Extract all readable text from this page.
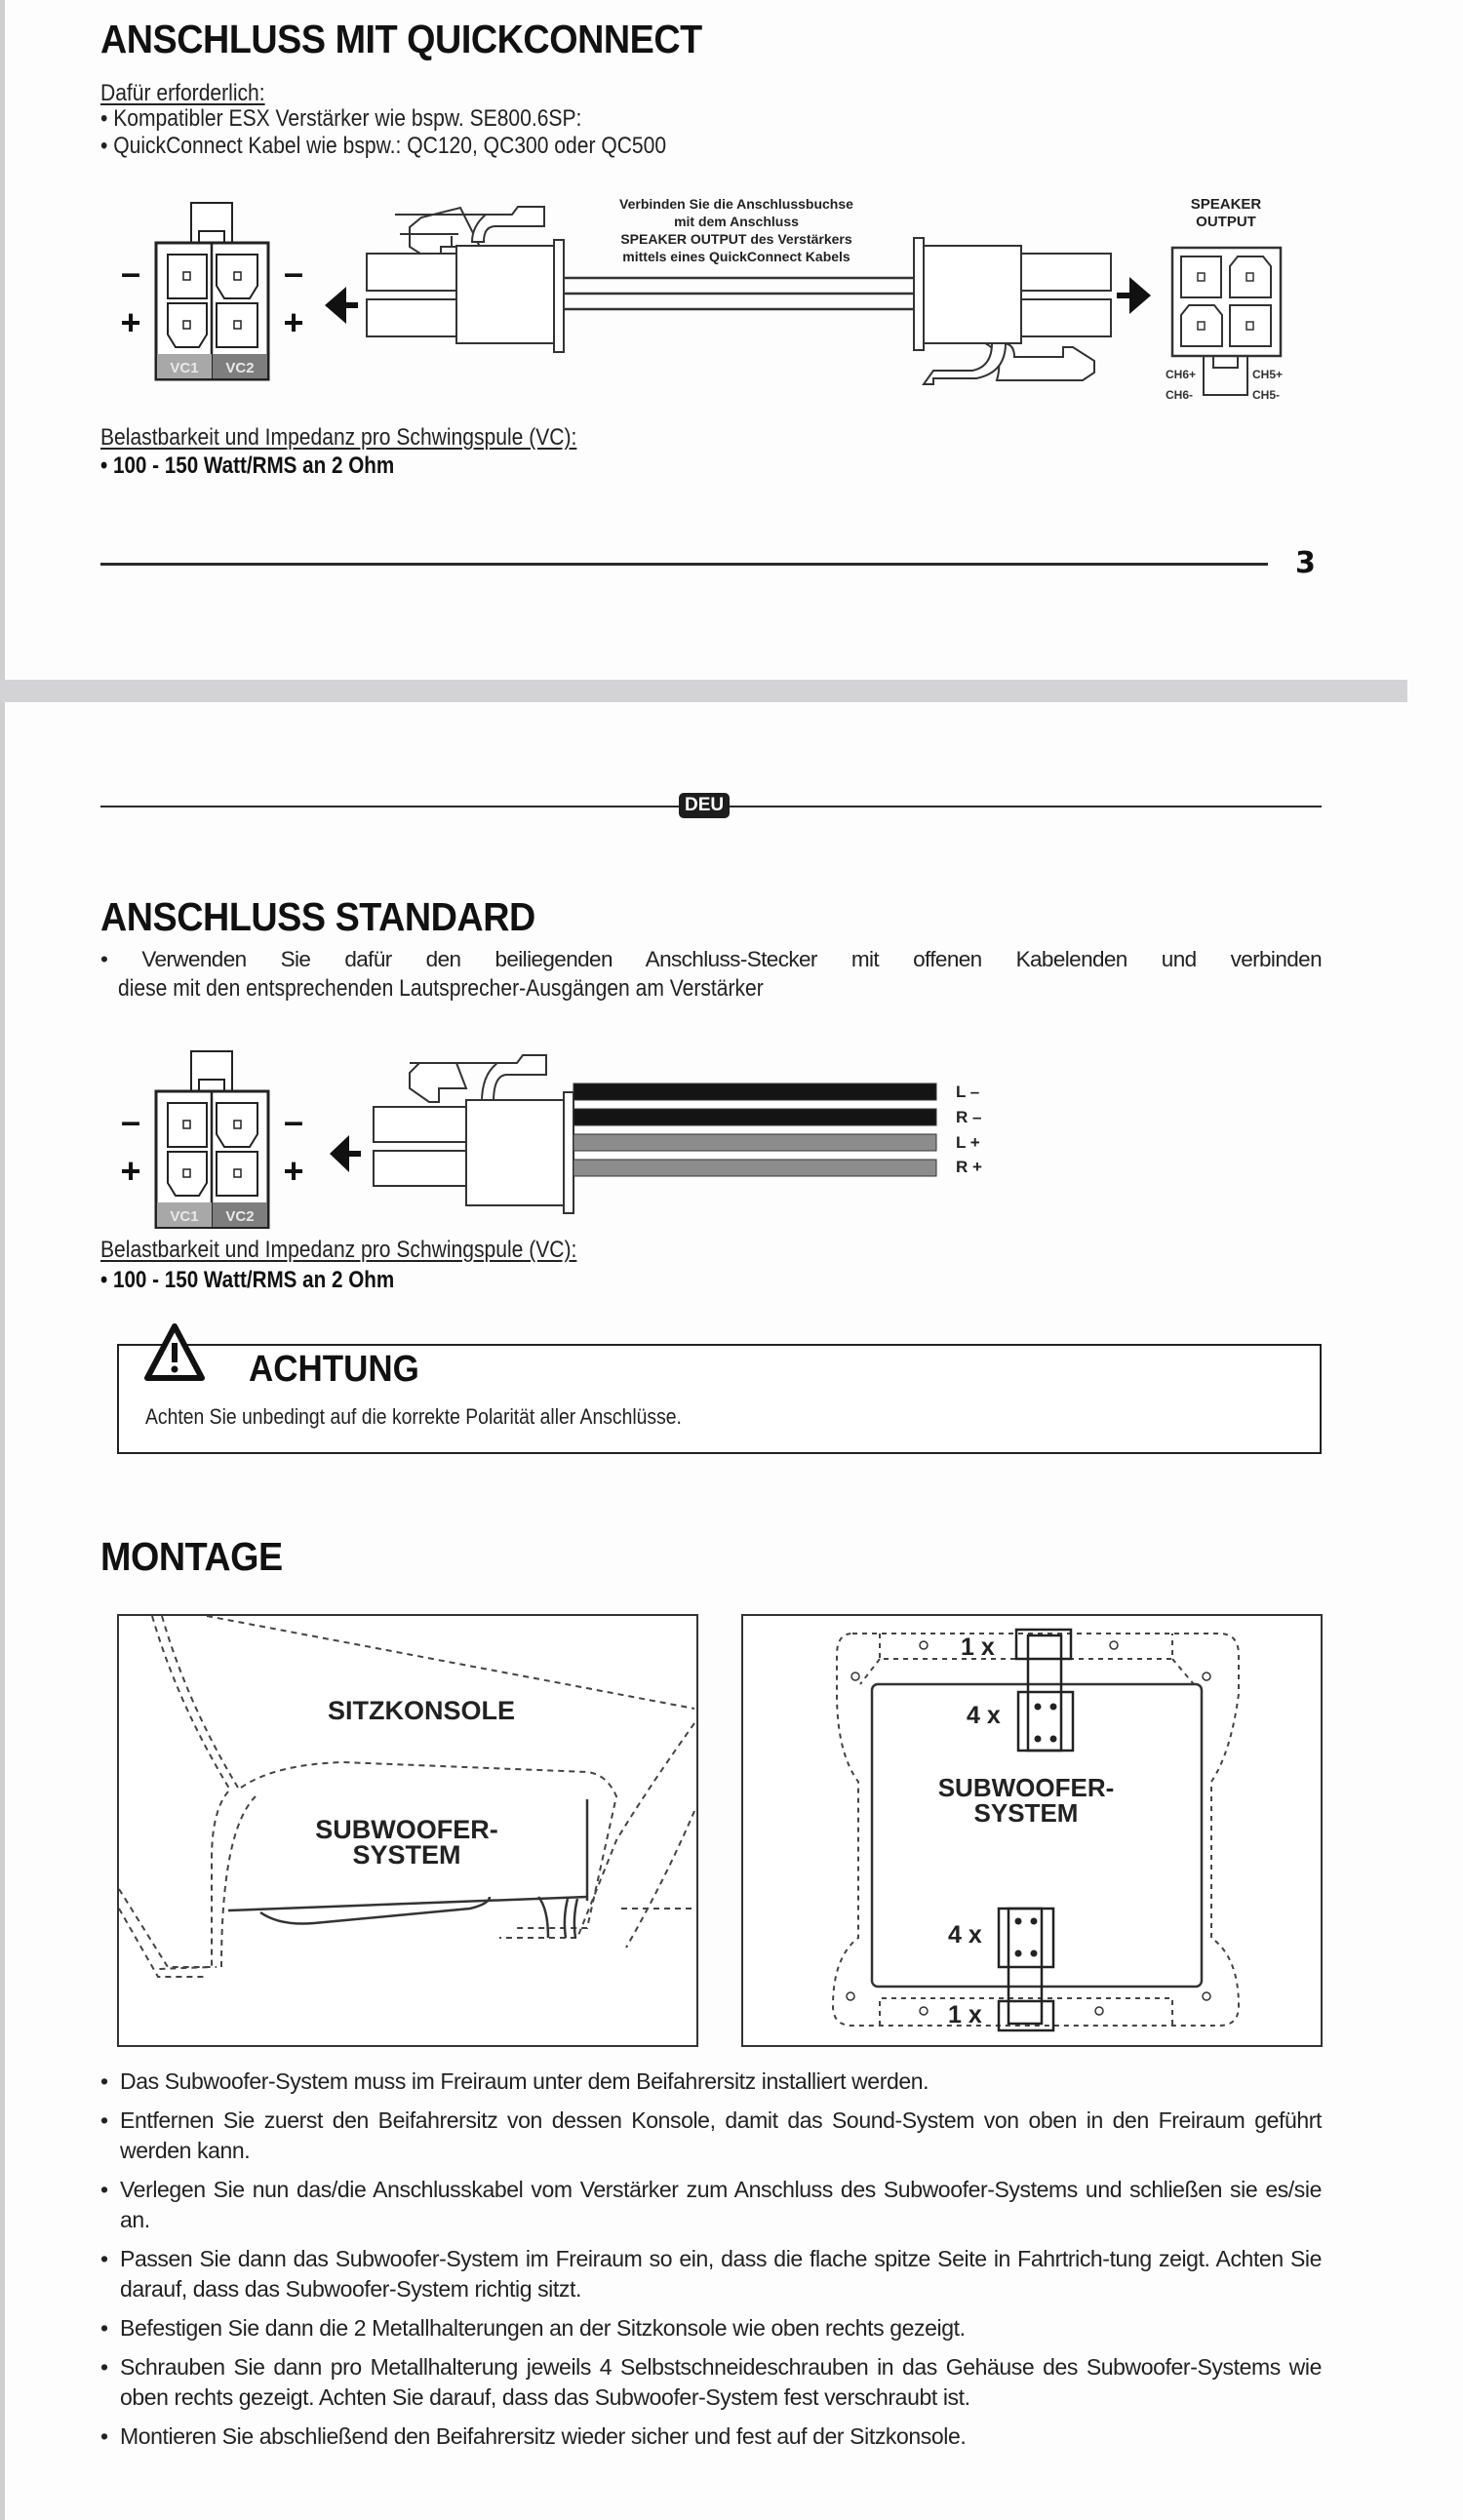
ANSCHLUSS MIT QUICKCONNECT
Dafür erforderlich:
• Kompatibler ESX Verstärker wie bspw. SE800.6SP:
• QuickConnect Kabel wie bspw.: QC120, QC300 oder QC500
VC1 VC2
–
+
–
+
Verbinden Sie die Anschlussbuchse
mit dem Anschluss
SPEAKER OUTPUT des Verstärkers
mittels eines QuickConnect Kabels
SPEAKER
OUTPUT
CH6+
CH6-
CH5+
CH5-
Belastbarkeit und Impedanz pro Schwingspule (VC):
• 100 - 150 Watt/RMS an 2 Ohm
3
DEU
ANSCHLUSS STANDARD
• Verwenden Sie dafür den beiliegenden Anschluss-Stecker mit offenen Kabelenden und verbinden
diese mit den entsprechenden Lautsprecher-Ausgängen am Verstärker
VC1 VC2
–
+
–
+
L –
R –
L +
R +
Belastbarkeit und Impedanz pro Schwingspule (VC):
• 100 - 150 Watt/RMS an 2 Ohm
ACHTUNG
Achten Sie unbedingt auf die korrekte Polarität aller Anschlüsse.
MONTAGE
SITZKONSOLE
SUBWOOFER-
SYSTEM
1 x
4 x
4 x
1 x
SUBWOOFER-
SYSTEM
• Das Subwoofer-System muss im Freiraum unter dem Beifahrersitz installiert werden.
• Entfernen Sie zuerst den Beifahrersitz von dessen Konsole, damit das Sound-System von oben in den Freiraum geführt werden kann.
• Verlegen Sie nun das/die Anschlusskabel vom Verstärker zum Anschluss des Subwoofer-Systems und schließen sie es/sie an.
• Passen Sie dann das Subwoofer-System im Freiraum so ein, dass die flache spitze Seite in Fahrtrich-tung zeigt. Achten Sie darauf, dass das Subwoofer-System richtig sitzt.
• Befestigen Sie dann die 2 Metallhalterungen an der Sitzkonsole wie oben rechts gezeigt.
• Schrauben Sie dann pro Metallhalterung jeweils 4 Selbstschneideschrauben in das Gehäuse des Subwoofer-Systems wie oben rechts gezeigt. Achten Sie darauf, dass das Subwoofer-System fest verschraubt ist.
• Montieren Sie abschließend den Beifahrersitz wieder sicher und fest auf der Sitzkonsole.
